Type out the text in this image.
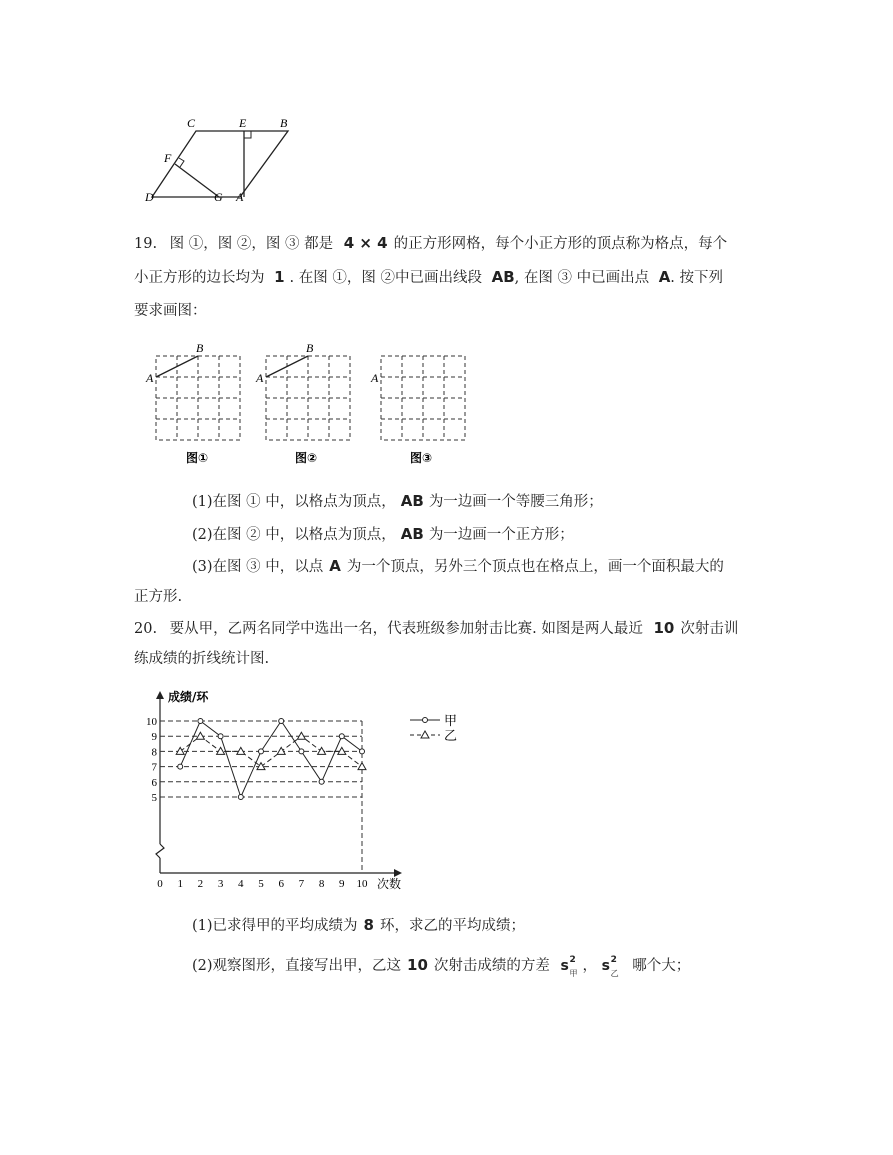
C	E	B
F
D	G A
19. 图 ①，图 ②，图 ③ 都是 4 × 4 的正方形网格，每个小正方形的顶点称为格点，每个
小正方形的边长均为 1 . 在图 ①，图 ②中已画出线段 AB, 在图 ③ 中已画出点 A. 按下列
要求画图：
A
B
A
B
A
图①	图②	图③
(1)在图 ① 中，以格点为顶点， AB 为一边画一个等腰三角形；
(2)在图 ② 中，以格点为顶点， AB 为一边画一个正方形；
(3)在图 ③ 中，以点 A 为一个顶点，另外三个顶点也在格点上，画一个面积最大的
正方形.
20. 要从甲，乙两名同学中选出一名，代表班级参加射击比赛. 如图是两人最近 10 次射击训
练成绩的折线统计图.
5
6
7
8
9
10
0 1 2 3 4 5 6 7 8 9 10
成绩/环
次数
甲
乙
(1)已求得甲的平均成绩为 8 环，求乙的平均成绩；
(2)观察图形，直接写出甲，乙这 10 次射击成绩的方差 s 2
甲 ， s 2
乙 哪个大；
